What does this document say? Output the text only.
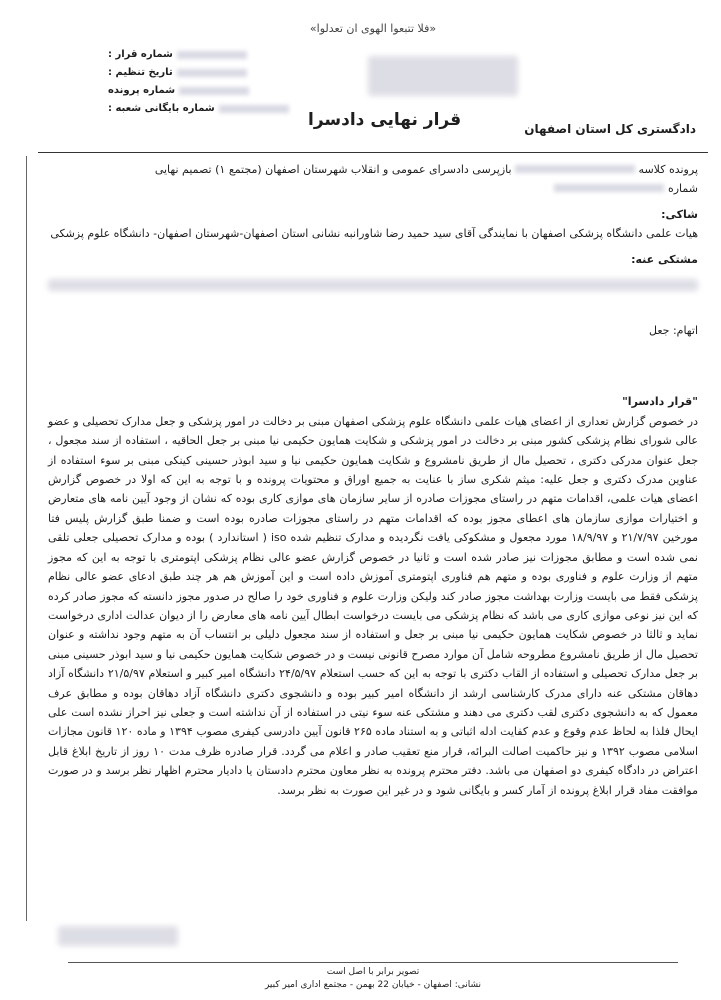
«فلا تتبعوا الهوی ان تعدلوا»
شماره قرار :
تاریخ تنظیم :
شماره پرونده
شماره بایگانی شعبه :
دادگستری کل استان اصفهان
قرار نهایی دادسرا

پرونده کلاسه  بازپرسی دادسرای عمومی و انقلاب شهرستان اصفهان (مجتمع ۱) تصمیم نهایی

شماره

شاکی:

هیات علمی دانشگاه پزشکی اصفهان با نمایندگی آقای سید حمید رضا شاورانبه نشانی استان اصفهان-شهرستان اصفهان- دانشگاه علوم پزشکی

مشتکی عنه:

اتهام: جعل

"قرار دادسرا"

در خصوص گزارش تعداری از اعضای هیات علمی دانشگاه علوم پزشکی اصفهان مبنی بر دخالت در امور پزشکی و جعل مدارک تحصیلی و عضو عالی شورای نظام پزشکی کشور مبنی بر دخالت در امور پزشکی و شکایت همایون حکیمی نیا مبنی بر جعل الحاقیه ، استفاده از سند مجعول ، جعل عنوان مدرکی دکتری ، تحصیل مال از طریق نامشروع و شکایت همایون حکیمی نیا و سید ابوذر حسینی کینکی مبنی بر سوء استفاده از عناوین مدرک دکتری و جعل علیه: میثم شکری ساز با عنایت به جمیع اوراق و محتویات پرونده و با توجه به این که اولا در خصوص گزارش اعضای هیات علمی، اقدامات متهم در راستای مجوزات صادره از سایر سازمان های موازی کاری بوده که نشان از وجود آیین نامه های متعارض و اختیارات موازی سازمان های اعطای مجوز بوده که اقدامات متهم در راستای مجوزات صادره بوده است و ضمنا طبق گزارش پلیس فتا مورخین ۲۱/۷/۹۷ و ۱۸/۹/۹۷ مورد مجعول و مشکوکی یافت نگردیده و مدارک تنظیم شده iso ( استاندارد ) بوده و مدارک تحصیلی جعلی تلقی نمی شده است و مطابق مجوزات نیز صادر شده است و ثانیا در خصوص گزارش عضو عالی نظام پزشکی اپتومتری با توجه به این که مجوز متهم از وزارت علوم و فناوری بوده و متهم هم فناوری اپتومتری آموزش داده است و این آموزش هم هر چند طبق ادعای عضو عالی نظام پزشکی فقط می بایست وزارت بهداشت مجوز صادر کند ولیکن وزارت علوم و فناوری خود را صالح در صدور مجوز دانسته که مجوز صادر کرده که این نیز نوعی موازی کاری می باشد که نظام پزشکی می بایست درخواست ابطال آیین نامه های معارض را از دیوان عدالت اداری درخواست نماید و ثالثا در خصوص شکایت همایون حکیمی نیا مبنی بر جعل و استفاده از سند مجعول دلیلی بر انتساب آن به متهم وجود نداشته و عنوان تحصیل مال از طریق نامشروع مطروحه شامل آن موارد مصرح قانونی نیست و در خصوص شکایت همایون حکیمی نیا و سید ابوذر حسینی مبنی بر جعل مدارک تحصیلی و استفاده از القاب دکتری با توجه به این که حسب استعلام ۲۴/۵/۹۷ دانشگاه امیر کبیر و استعلام ۲۱/۵/۹۷ دانشگاه آزاد دهاقان مشتکی عنه دارای مدرک کارشناسی ارشد از دانشگاه امیر کبیر بوده و دانشجوی دکتری دانشگاه آزاد دهاقان بوده و مطابق عرف معمول که به دانشجوی دکتری لقب دکتری می دهند و مشتکی عنه سوء نیتی در استفاده از آن نداشته است و جعلی نیز احراز نشده است علی ایحال فلذا به لحاظ عدم وقوع و عدم کفایت ادله اثباتی و به استناد ماده ۲۶۵ قانون آیین دادرسی کیفری مصوب ۱۳۹۴ و ماده ۱۲۰ قانون مجازات اسلامی مصوب ۱۳۹۲ و نیز حاکمیت اصالت البرائه، قرار منع تعقیب صادر و اعلام می گردد. قرار صادره ظرف مدت ۱۰ روز از تاریخ ابلاغ قابل اعتراض در دادگاه کیفری دو اصفهان می باشد. دفتر محترم پرونده به نظر معاون محترم دادستان یا دادیار محترم اظهار نظر برسد و در صورت موافقت مفاد قرار ابلاغ پرونده از آمار کسر و بایگانی شود و در غیر این صورت به نظر برسد.

تصویر برابر با اصل است
نشانی: اصفهان - خیابان 22 بهمن - مجتمع اداری امیر کبیر
